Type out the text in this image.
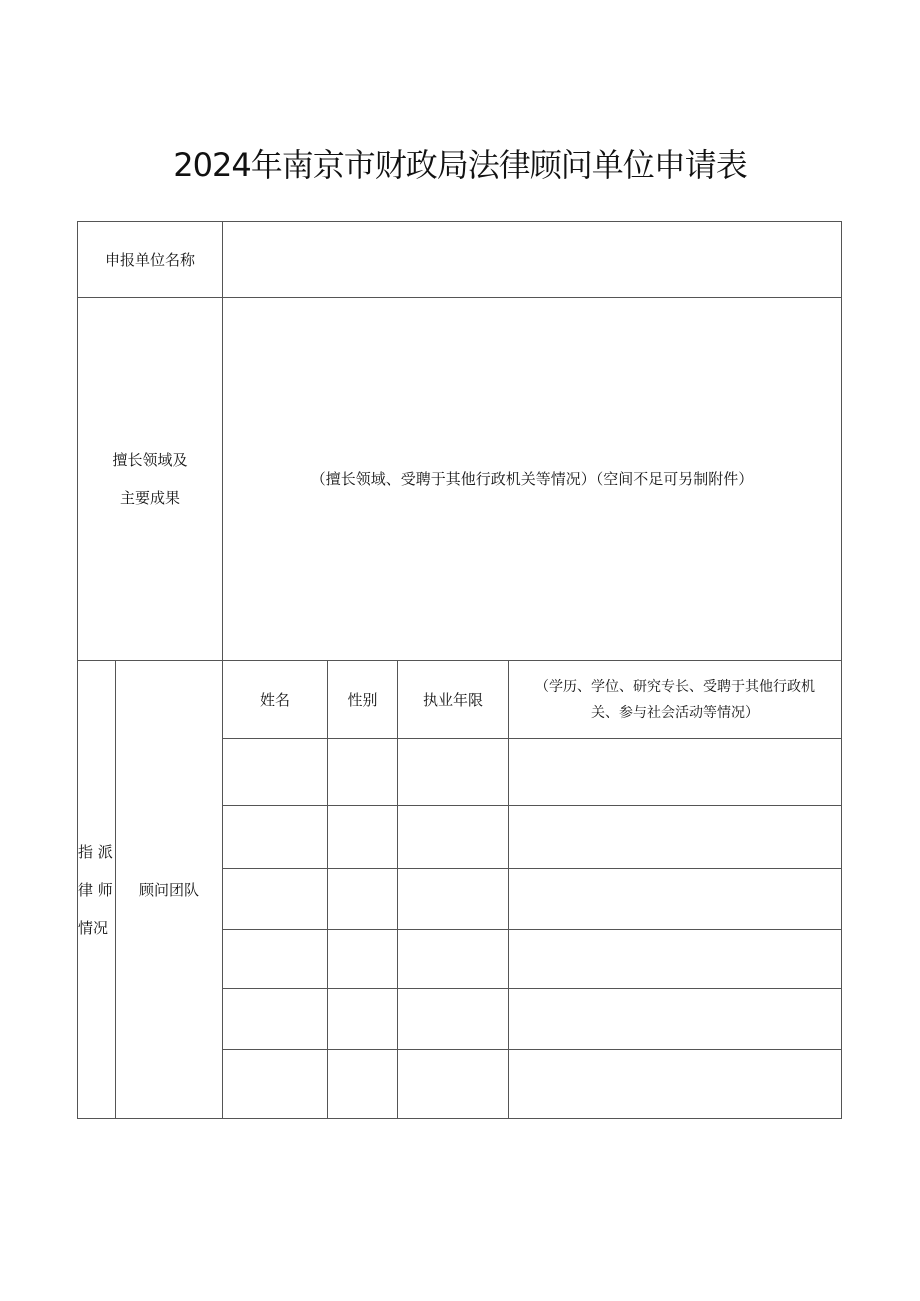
2024年南京市财政局法律顾问单位申请表
申报单位名称
擅长领域及
主要成果
（擅长领域、受聘于其他行政机关等情况）（空间不足可另制附件）
指 派
律 师
情况
顾问团队
姓名	性别	执业年限
（学历、学位、研究专长、受聘于其他行政机
关、参与社会活动等情况）
